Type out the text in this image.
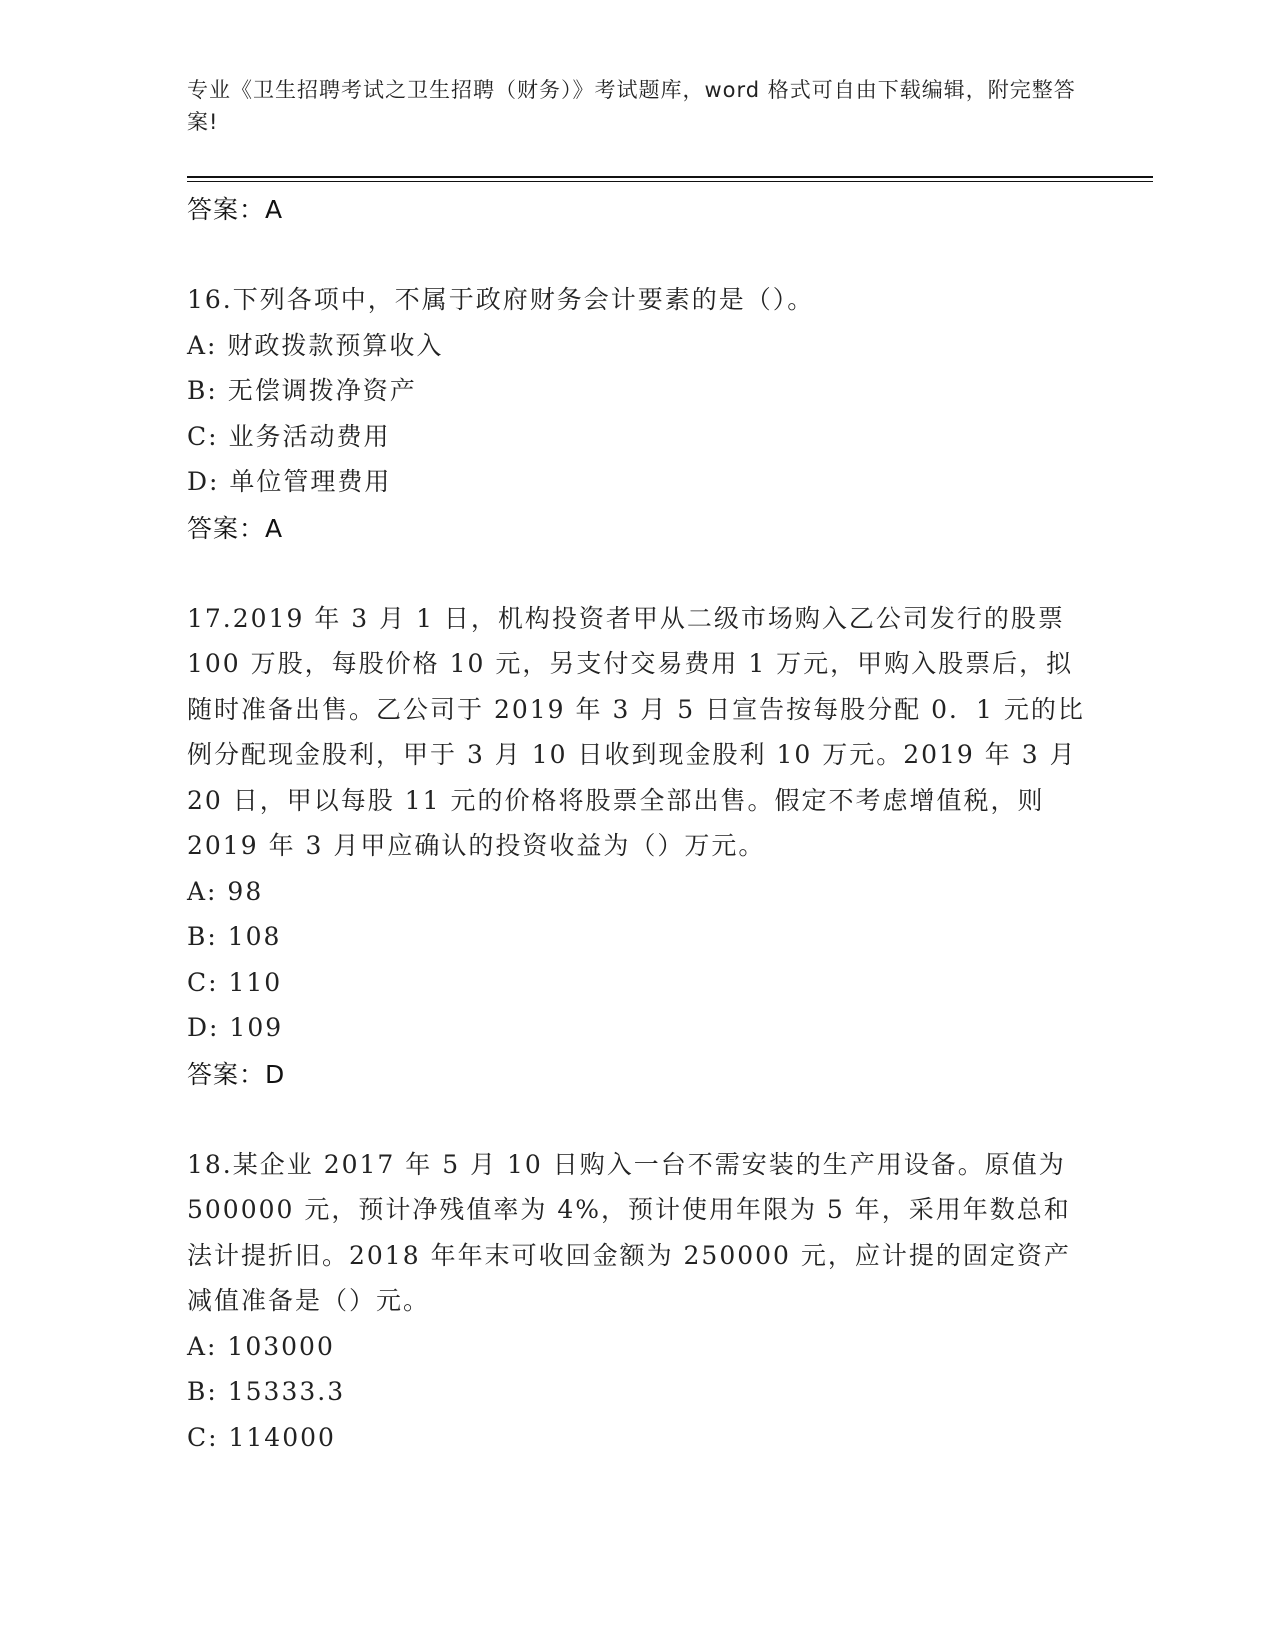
专业《卫生招聘考试之卫生招聘（财务）》考试题库，word 格式可自由下载编辑，附完整答案!

答案：A

16.下列各项中，不属于政府财务会计要素的是（）。

A: 财政拨款预算收入

B: 无偿调拨净资产

C: 业务活动费用

D: 单位管理费用

答案：A

17.2019 年 3 月 1 日，机构投资者甲从二级市场购入乙公司发行的股票 100 万股，每股价格 10 元，另支付交易费用 1 万元，甲购入股票后，拟随时准备出售。乙公司于 2019 年 3 月 5 日宣告按每股分配 0．1 元的比例分配现金股利，甲于 3 月 10 日收到现金股利 10 万元。2019 年 3 月 20 日，甲以每股 11 元的价格将股票全部出售。假定不考虑增值税，则 2019 年 3 月甲应确认的投资收益为（）万元。

A: 98

B: 108

C: 110

D: 109

答案：D

18.某企业 2017 年 5 月 10 日购入一台不需安装的生产用设备。原值为 500000 元，预计净残值率为 4%，预计使用年限为 5 年，采用年数总和法计提折旧。2018 年年末可收回金额为 250000 元，应计提的固定资产减值准备是（）元。

A: 103000

B: 15333.3

C: 114000
